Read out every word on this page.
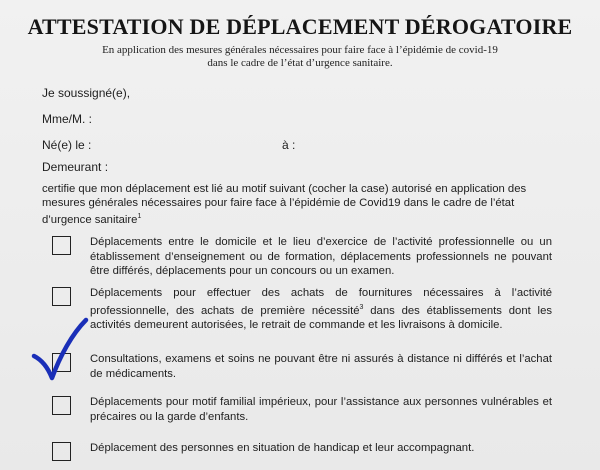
ATTESTATION DE DÉPLACEMENT DÉROGATOIRE
En application des mesures générales nécessaires pour faire face à l’épidémie de covid-19
dans le cadre de l’état d’urgence sanitaire.
Je soussigné(e),
Mme/M. :
Né(e) le :	à :
Demeurant :
certifie que mon déplacement est lié au motif suivant (cocher la case) autorisé en application des mesures générales nécessaires pour faire face à l’épidémie de Covid19 dans le cadre de l’état d’urgence sanitaire$^1$
Déplacements entre le domicile et le lieu d’exercice de l’activité professionnelle ou un établissement d’enseignement ou de formation, déplacements professionnels ne pouvant être différés, déplacements pour un concours ou un examen.
Déplacements pour effectuer des achats de fournitures nécessaires à l’activité professionnelle, des achats de première nécessité$^3$ dans des établissements dont les activités demeurent autorisées, le retrait de commande et les livraisons à domicile.
Consultations, examens et soins ne pouvant être ni assurés à distance ni différés et l’achat de médicaments.
Déplacements pour motif familial impérieux, pour l’assistance aux personnes vulnérables et précaires ou la garde d’enfants.
Déplacement des personnes en situation de handicap et leur accompagnant.
